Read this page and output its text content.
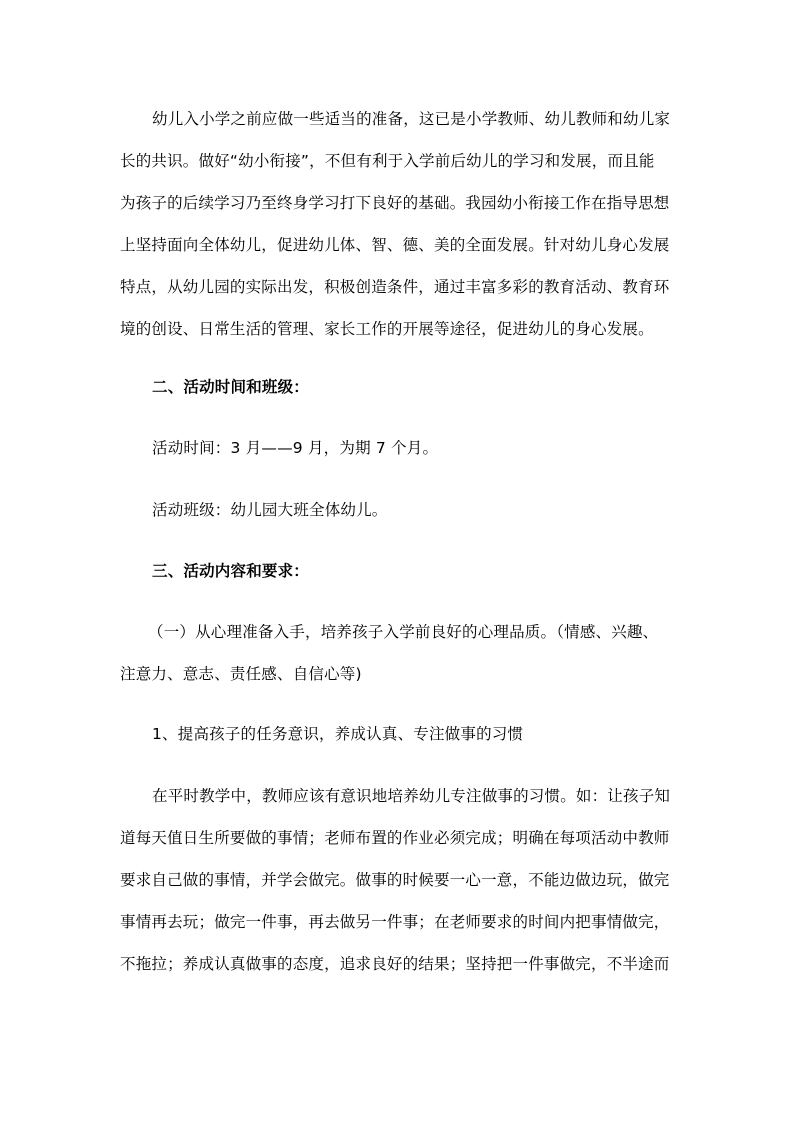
幼儿入小学之前应做一些适当的准备，这已是小学教师、幼儿教师和幼儿家
长的共识。做好“幼小衔接”，不但有利于入学前后幼儿的学习和发展，而且能
为孩子的后续学习乃至终身学习打下良好的基础。我园幼小衔接工作在指导思想
上坚持面向全体幼儿，促进幼儿体、智、德、美的全面发展。针对幼儿身心发展
特点，从幼儿园的实际出发，积极创造条件，通过丰富多彩的教育活动、教育环
境的创设、日常生活的管理、家长工作的开展等途径，促进幼儿的身心发展。
二、活动时间和班级：
活动时间：3 月——9 月，为期 7 个月。
活动班级：幼儿园大班全体幼儿。
三、活动内容和要求：
（一）从心理准备入手，培养孩子入学前良好的心理品质。（情感、兴趣、
注意力、意志、责任感、自信心等)
1、提高孩子的任务意识，养成认真、专注做事的习惯
在平时教学中，教师应该有意识地培养幼儿专注做事的习惯。如：让孩子知
道每天值日生所要做的事情；老师布置的作业必须完成；明确在每项活动中教师
要求自己做的事情，并学会做完。做事的时候要一心一意，不能边做边玩，做完
事情再去玩；做完一件事，再去做另一件事；在老师要求的时间内把事情做完，
不拖拉；养成认真做事的态度，追求良好的结果；坚持把一件事做完，不半途而
